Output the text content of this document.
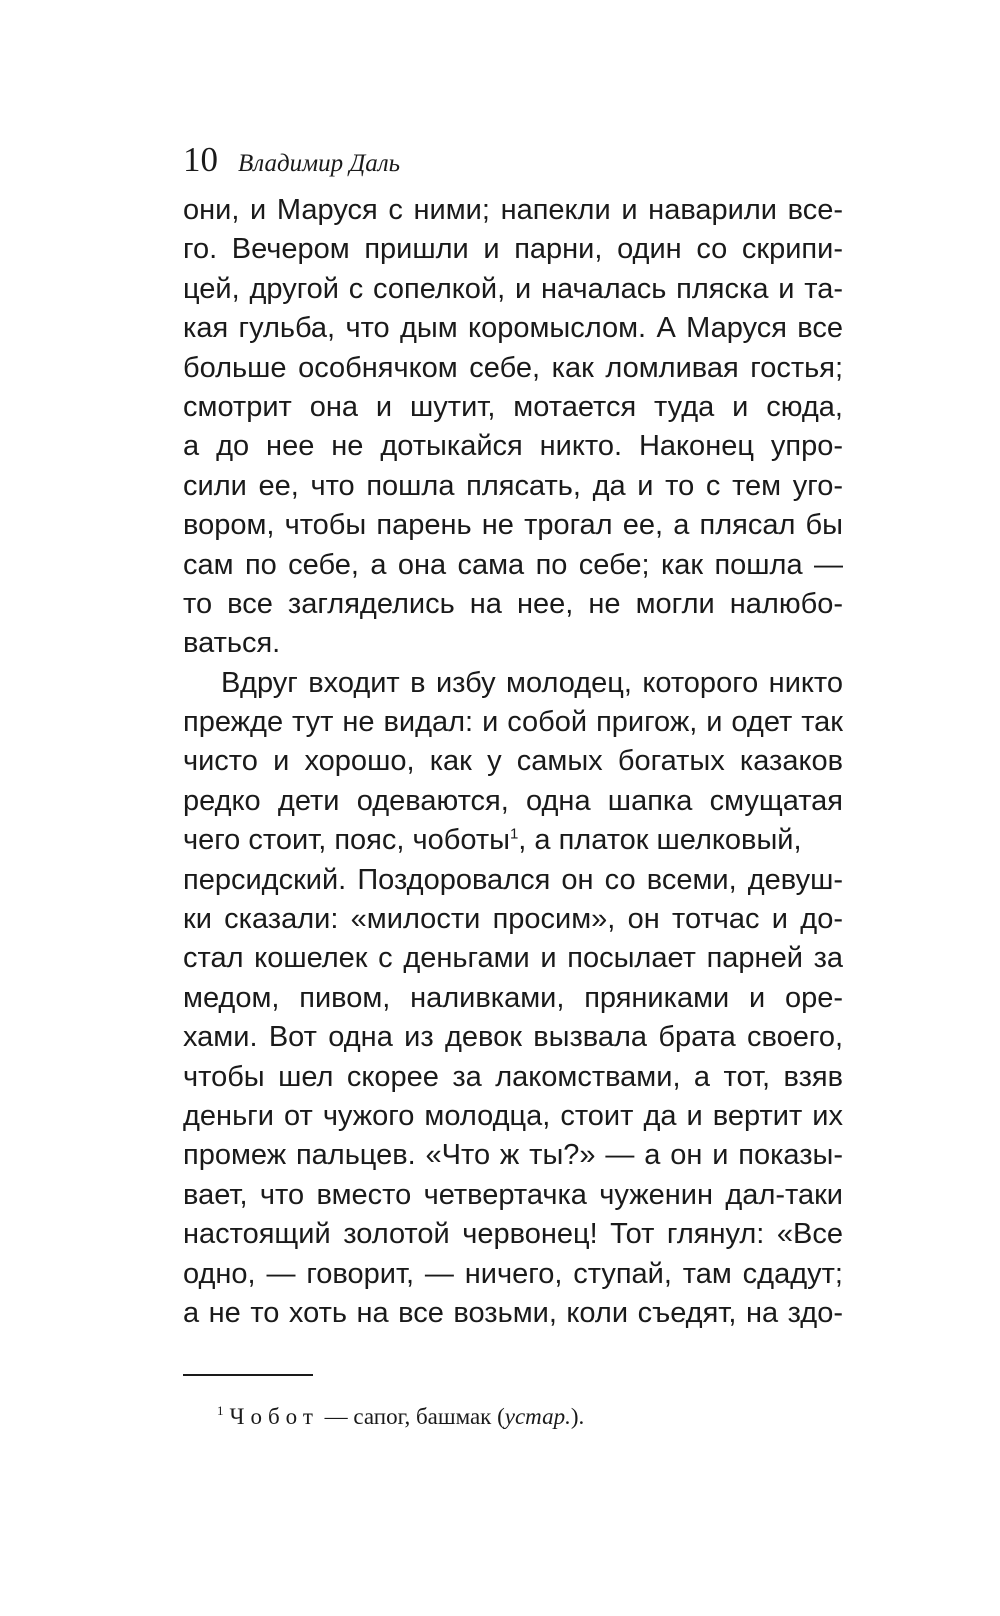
10 Владимир Даль
они, и Маруся с ними; напекли и наварили все-
го. Вечером пришли и парни, один со скрипи-
цей, другой с сопелкой, и началась пляска и та-
кая гульба, что дым коромыслом. А Маруся все
больше особнячком себе, как ломливая гостья;
смотрит она и шутит, мотается туда и сюда,
а до нее не дотыкайся никто. Наконец упро-
сили ее, что пошла плясать, да и то с тем уго-
вором, чтобы парень не трогал ее, а плясал бы
сам по себе, а она сама по себе; как пошла —
то все загляделись на нее, не могли налюбо-
ваться.
Вдруг входит в избу молодец, которого никто
прежде тут не видал: и собой пригож, и одет так
чисто и хорошо, как у самых богатых казаков
редко дети одеваются, одна шапка смущатая
чего стоит, пояс, чоботы$^1$, а платок шелковый,
персидский. Поздоровался он со всеми, девуш-
ки сказали: «милости просим», он тотчас и до-
стал кошелек с деньгами и посылает парней за
медом, пивом, наливками, пряниками и оре-
хами. Вот одна из девок вызвала брата своего,
чтобы шел скорее за лакомствами, а тот, взяв
деньги от чужого молодца, стоит да и вертит их
промеж пальцев. «Что ж ты?» — а он и показы-
вает, что вместо четвертачка чуженин дал-таки
настоящий золотой червонец! Тот глянул: «Все
одно, — говорит, — ничего, ступай, там сдадут;
а не то хоть на все возьми, коли съедят, на здо-
$^1$ Чобот — сапог, башмак (устар.).
